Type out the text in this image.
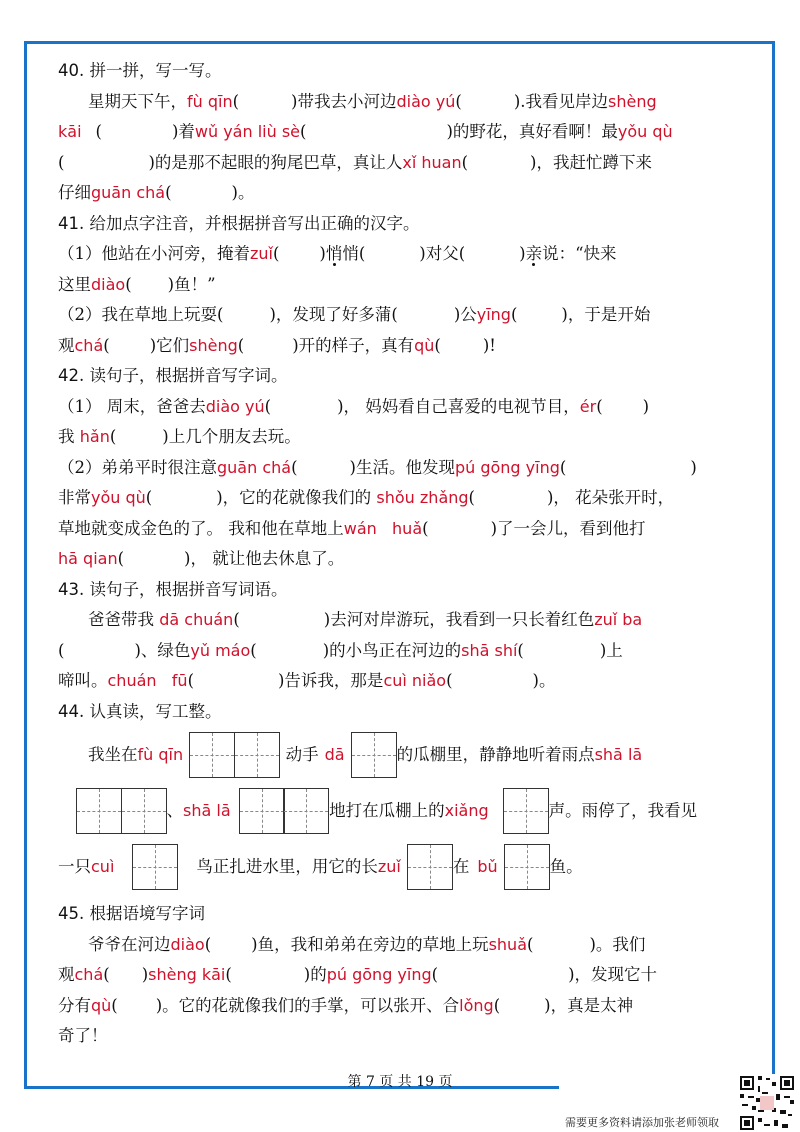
40. 拼一拼，写一写。
星期天下午，fù qīn(	)带我去小河边diào yú(	).我看见岸边shèng
kāi (	)着wǔ yán liù sè(	)的野花，真好看啊！最yǒu qù
(	)的是那不起眼的狗尾巴草，真让人xǐ huan(	)，我赶忙蹲下来
仔细guān chá(	)。
41. 给加点字注音，并根据拼音写出正确的汉字。
（1）他站在小河旁，掩着zuǐ( )悄悄(	)对父(	)亲说：“快来
这里diào( )鱼！”
（2）我在草地上玩耍(	)，发现了好多蒲(	)公yīng(	)，于是开始
观chá( )它们shèng(	)开的样子，真有qù(	)!
42. 读句子，根据拼音写字词。
（1） 周末，爸爸去diào yú(	)， 妈妈看自己喜爱的电视节目，ér( )
我 hǎn(	)上几个朋友去玩。
（2）弟弟平时很注意guān chá(	)生活。他发现pú gōng yīng(	)
非常yǒu qù(	)，它的花就像我们的 shǒu zhǎng(	)， 花朵张开时，
草地就变成金色的了。 我和他在草地上wán   huǎ(	)了一会儿，看到他打
hā qian(	)， 就让他去休息了。
43. 读句子，根据拼音写词语。
爸爸带我 dā chuán(	)去河对岸游玩，我看到一只长着红色zuǐ ba
(	)、绿色yǔ máo(	)的小鸟正在河边的shā shí(	)上
啼叫。chuán   fū(	)告诉我，那是cuì niǎo(	)。
44. 认真读，写工整。
我坐在 fù qīn	动手 dā	的瓜棚里，静静地听着雨点 shā lā
、 shā lā	地打在瓜棚上的 xiǎng	声。雨停了，我看见
一只 cuì	鸟正扎进水里，用它的长 zuǐ	在 bǔ	鱼。
45. 根据语境写字词
爷爷在河边diào( )鱼，我和弟弟在旁边的草地上玩shuǎ(	)。我们
观chá( )shèng kāi(	)的pú gōng yīng(	)，发现它十
分有qù( )。它的花就像我们的手掌，可以张开、合lǒng(	)，真是太神
奇了！
第 7 页 共 19 页
需要更多资料请添加张老师领取
